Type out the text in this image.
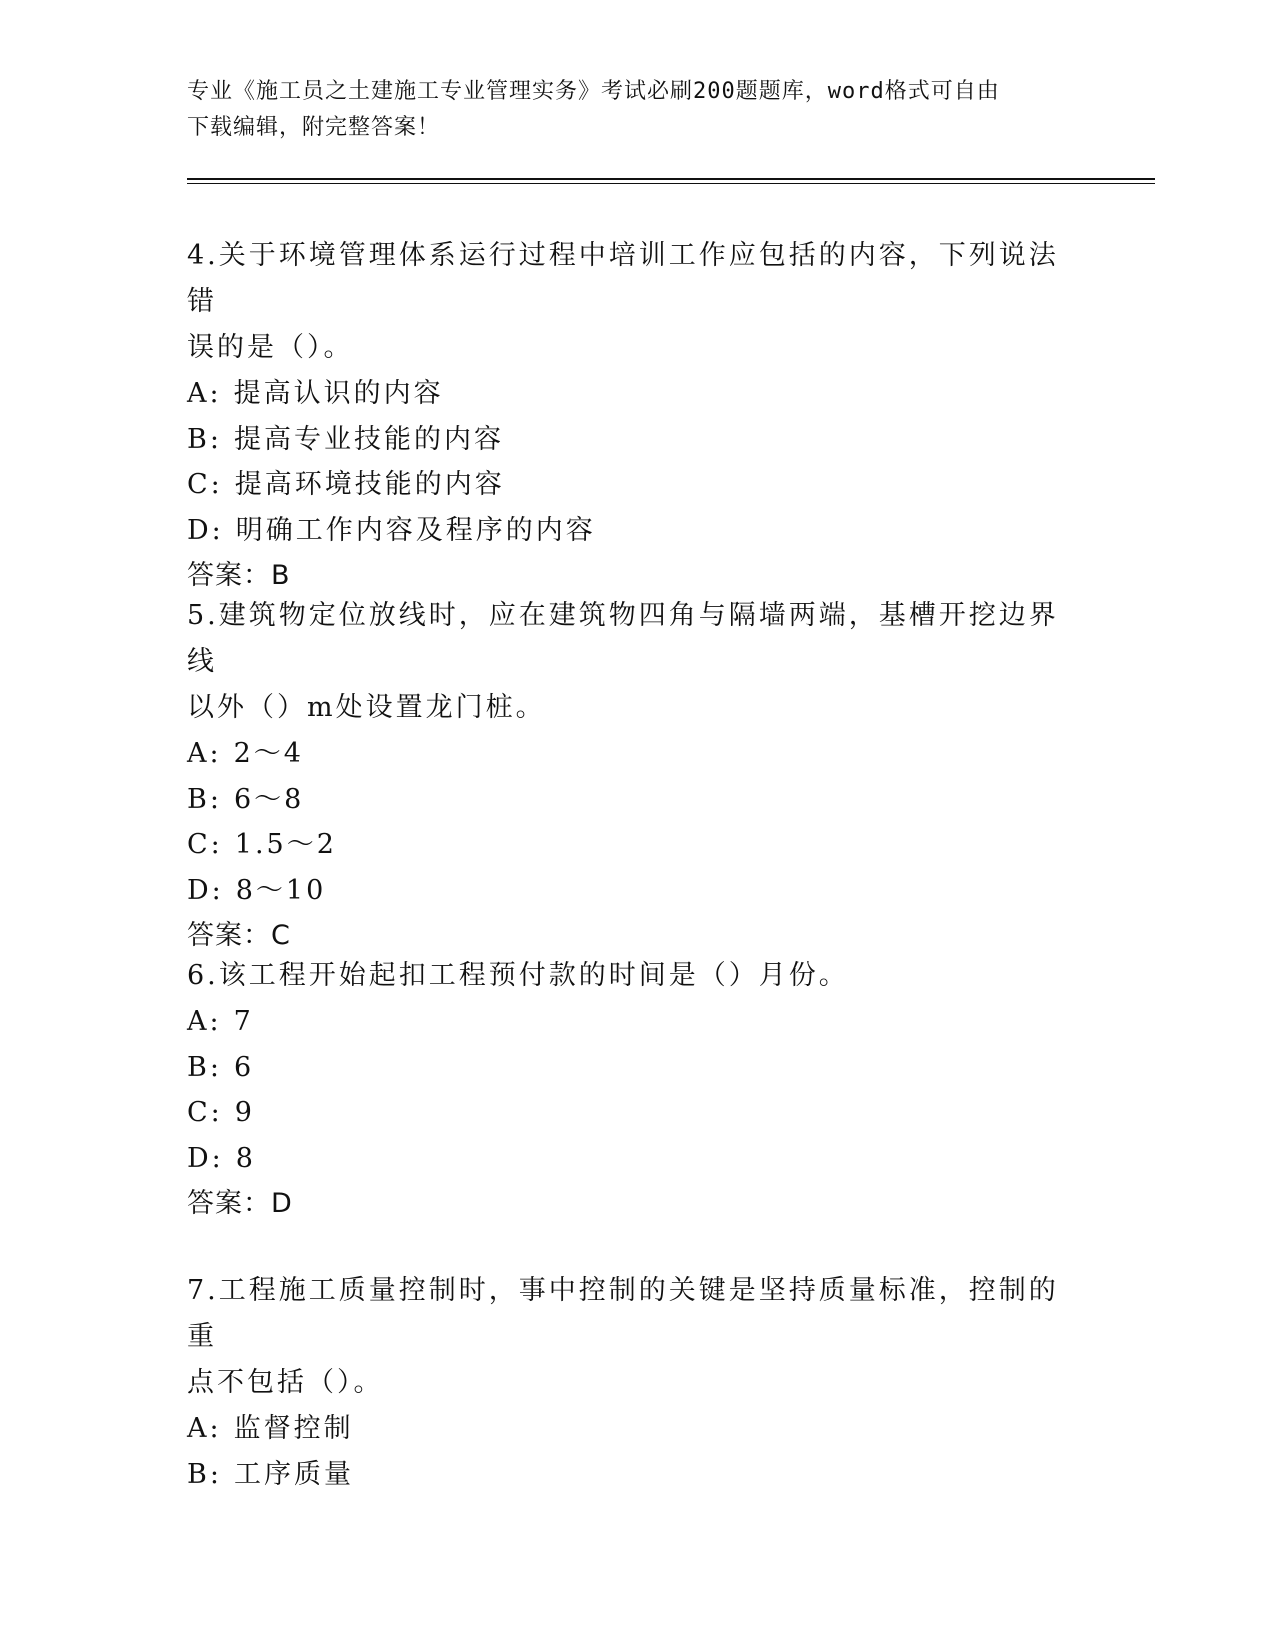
专业《施工员之土建施工专业管理实务》考试必刷200题题库，word格式可自由
下载编辑，附完整答案！

4.关于环境管理体系运行过程中培训工作应包括的内容，下列说法错
误的是（）。

A: 提高认识的内容

B: 提高专业技能的内容

C: 提高环境技能的内容

D: 明确工作内容及程序的内容

答案：B

5.建筑物定位放线时，应在建筑物四角与隔墙两端，基槽开挖边界线
以外（）m处设置龙门桩。

A: 2～4

B: 6～8

C: 1.5～2

D: 8～10

答案：C

6.该工程开始起扣工程预付款的时间是（）月份。

A: 7

B: 6

C: 9

D: 8

答案：D

7.工程施工质量控制时，事中控制的关键是坚持质量标准，控制的重
点不包括（）。

A: 监督控制

B: 工序质量
